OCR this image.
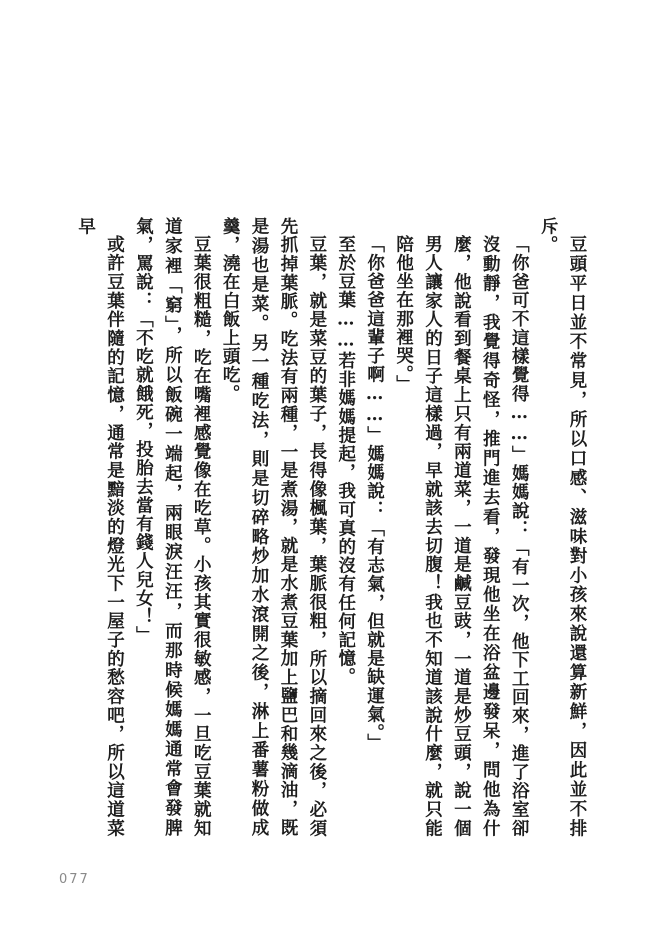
豆頭平日並不常見，所以口感、滋味對小孩來說還算新鮮，因此並不排斥。

「你爸可不這樣覺得……」媽媽說：「有一次，他下工回來，進了浴室卻沒動靜，我覺得奇怪，推門進去看，發現他坐在浴盆邊發呆，問他為什麼，他說看到餐桌上只有兩道菜，一道是鹹豆豉，一道是炒豆頭，說一個男人讓家人的日子這樣過，早就該去切腹！我也不知道該說什麼，就只能陪他坐在那裡哭。」

「你爸爸這輩子啊……」媽媽說：「有志氣，但就是缺運氣。」

至於豆葉……若非媽媽提起，我可真的沒有任何記憶。

豆葉，就是菜豆的葉子，長得像楓葉，葉脈很粗，所以摘回來之後，必須先抓掉葉脈。吃法有兩種，一是煮湯，就是水煮豆葉加上鹽巴和幾滴油，既是湯也是菜。另一種吃法，則是切碎略炒加水滾開之後，淋上番薯粉做成羹，澆在白飯上頭吃。

豆葉很粗糙，吃在嘴裡感覺像在吃草。小孩其實很敏感，一旦吃豆葉就知道家裡「窮」，所以飯碗一端起，兩眼淚汪汪，而那時候媽媽通常會發脾氣，罵說：「不吃就餓死，投胎去當有錢人兒女！」

或許豆葉伴隨的記憶，通常是黯淡的燈光下一屋子的愁容吧，所以這道菜早

077
